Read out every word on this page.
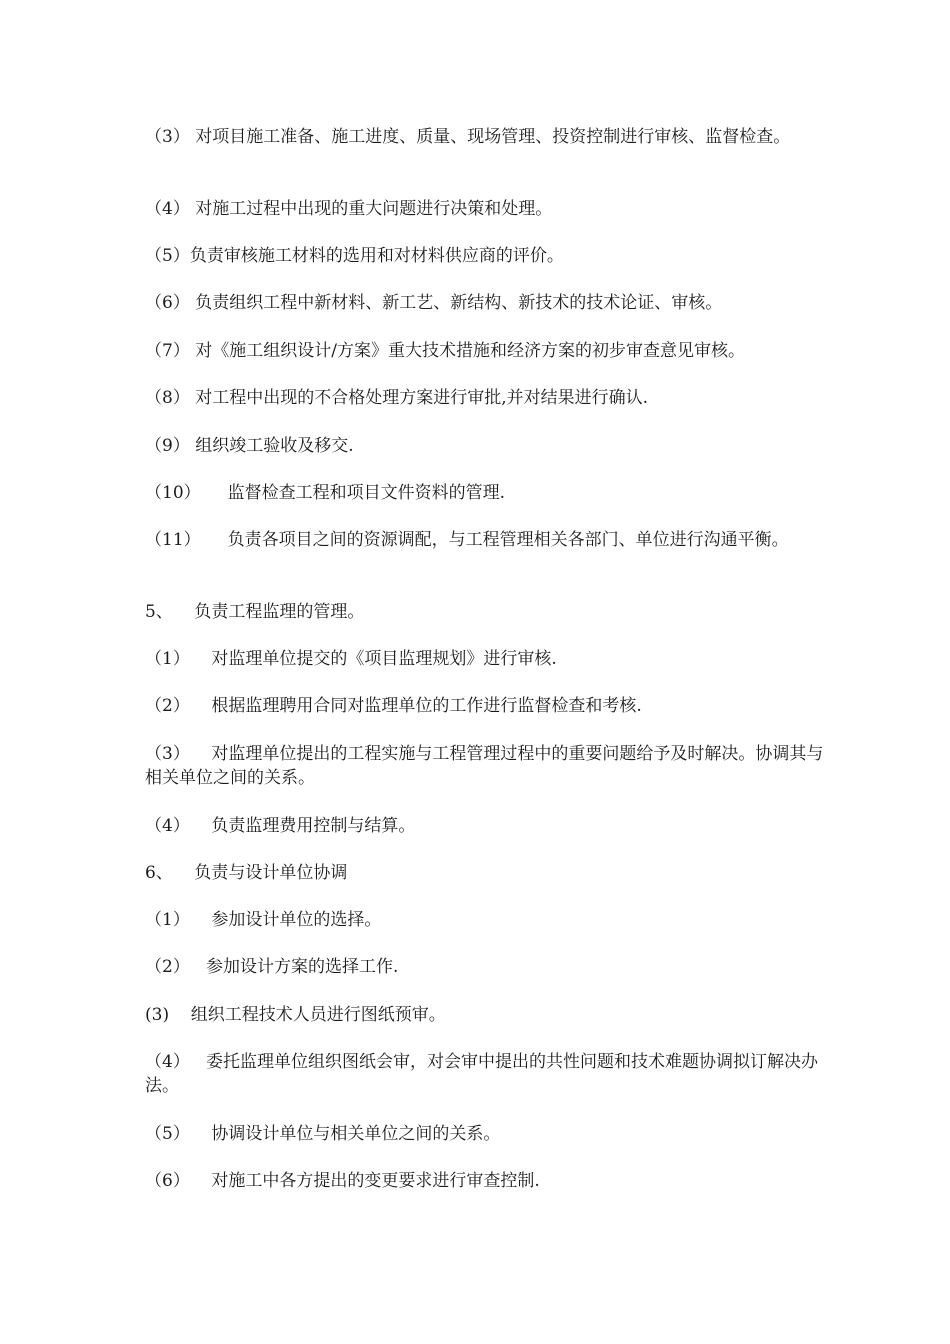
（3） 对项目施工准备、施工进度、质量、现场管理、投资控制进行审核、监督检查。

（4） 对施工过程中出现的重大问题进行决策和处理。

（5）负责审核施工材料的选用和对材料供应商的评价。

（6） 负责组织工程中新材料、新工艺、新结构、新技术的技术论证、审核。

（7） 对《施工组织设计/方案》重大技术措施和经济方案的初步审查意见审核。

（8） 对工程中出现的不合格处理方案进行审批,并对结果进行确认.

（9） 组织竣工验收及移交.

（10）     监督检查工程和项目文件资料的管理.

（11）     负责各项目之间的资源调配，与工程管理相关各部门、单位进行沟通平衡。

5、    负责工程监理的管理。

（1）    对监理单位提交的《项目监理规划》进行审核.

（2）    根据监理聘用合同对监理单位的工作进行监督检查和考核.

（3）    对监理单位提出的工程实施与工程管理过程中的重要问题给予及时解决。协调其与相关单位之间的关系。

（4）    负责监理费用控制与结算。

6、    负责与设计单位协调

（1）    参加设计单位的选择。

（2）   参加设计方案的选择工作.

(3)    组织工程技术人员进行图纸预审。

（4）   委托监理单位组织图纸会审，对会审中提出的共性问题和技术难题协调拟订解决办法。

（5）    协调设计单位与相关单位之间的关系。

（6）    对施工中各方提出的变更要求进行审查控制.
